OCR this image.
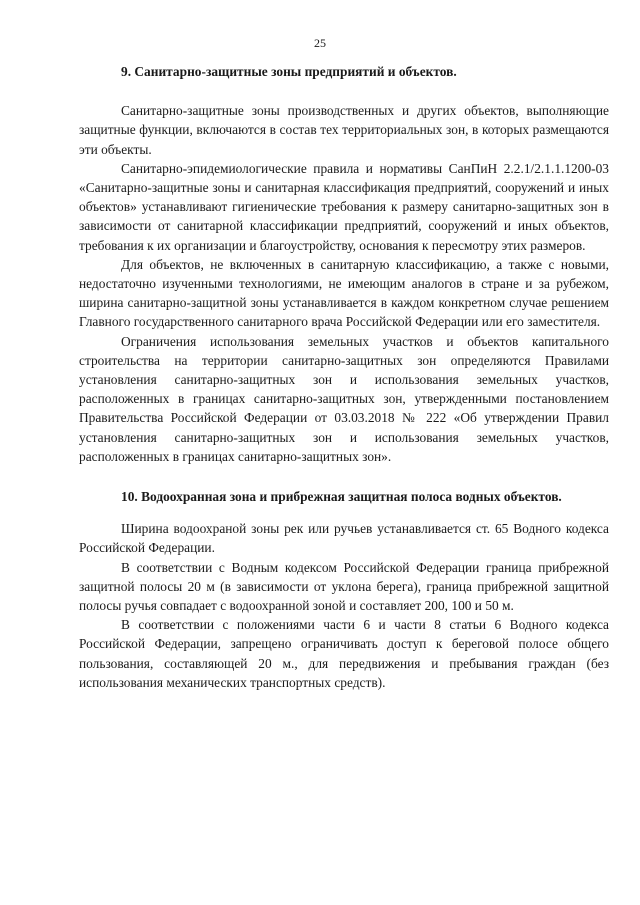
25

9. Санитарно-защитные зоны предприятий и объектов.

Санитарно-защитные зоны производственных и других объектов, выполняющие защитные функции, включаются в состав тех территориальных зон, в которых размещаются эти объекты.

Санитарно-эпидемиологические правила и нормативы СанПиН 2.2.1/2.1.1.1200-03 «Санитарно-защитные зоны и санитарная классификация предприятий, сооружений и иных объектов» устанавливают гигиенические требования к размеру санитарно-защитных зон в зависимости от санитарной классификации предприятий, сооружений и иных объектов, требования к их организации и благоустройству, основания к пересмотру этих размеров.

Для объектов, не включенных в санитарную классификацию, а также с новыми, недостаточно изученными технологиями, не имеющим аналогов в стране и за рубежом, ширина санитарно-защитной зоны устанавливается в каждом конкретном случае решением Главного государственного санитарного врача Российской Федерации или его заместителя.

Ограничения использования земельных участков и объектов капитального строительства на территории санитарно-защитных зон определяются Правилами установления санитарно-защитных зон и использования земельных участков, расположенных в границах санитарно-защитных зон, утвержденными постановлением Правительства Российской Федерации от 03.03.2018 № 222 «Об утверждении Правил установления санитарно-защитных зон и использования земельных участков, расположенных в границах санитарно-защитных зон».

10. Водоохранная зона и прибрежная защитная полоса водных объектов.

Ширина водоохраной зоны рек или ручьев устанавливается ст. 65 Водного кодекса Российской Федерации.

В соответствии с Водным кодексом Российской Федерации граница прибрежной защитной полосы 20 м (в зависимости от уклона берега), граница прибрежной защитной полосы ручья совпадает с водоохранной зоной и составляет 200, 100 и 50 м.

В соответствии с положениями части 6 и части 8 статьи 6 Водного кодекса Российской Федерации, запрещено ограничивать доступ к береговой полосе общего пользования, составляющей 20 м., для передвижения и пребывания граждан (без использования механических транспортных средств).
